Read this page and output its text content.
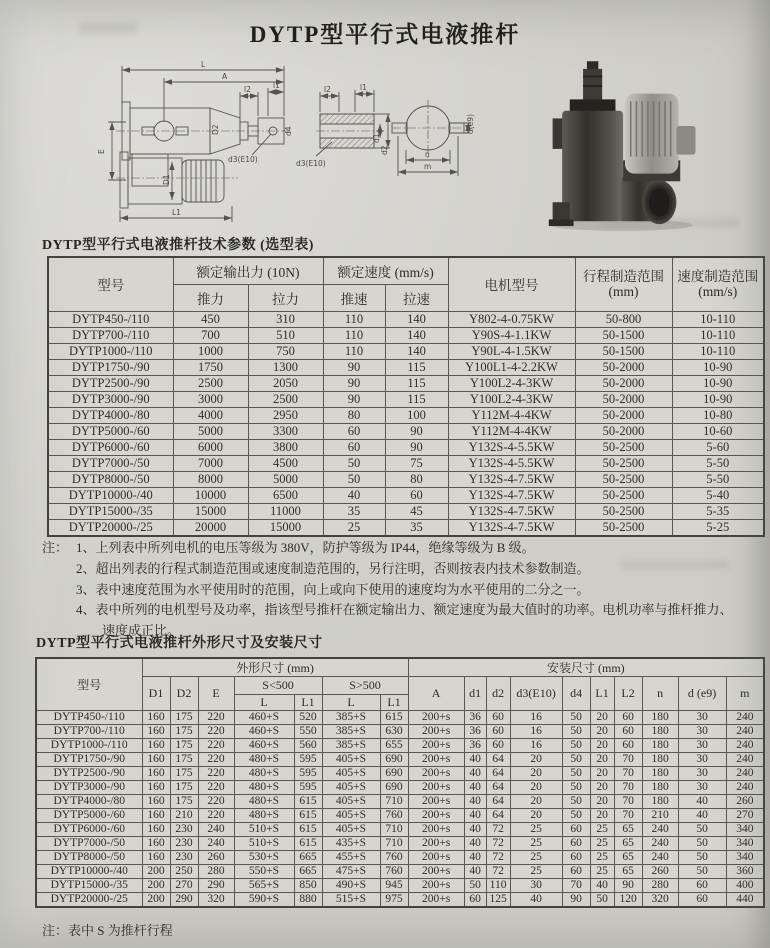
DYTP型平行式电液推杆
L
A
l2	l1
D2	d4
d3(E10)
E
D1
L1
l2	l1
d3(E10)
d1
d2
d(e9)
n
m
DYTP型平行式电液推杆技术参数 (选型表)
型号	额定输出力 (10N)		额定速度 (mm/s)		电机型号	行程制造范围
(mm)	速度制造范围
(mm/s)

	推力	拉力	推速	拉速			
DYTP450-/110	450	310	110	140	Y802-4-0.75KW	50-800	10-110
DYTP700-/110	700	510	110	140	Y90S-4-1.1KW	50-1500	10-110
DYTP1000-/110	1000	750	110	140	Y90L-4-1.5KW	50-1500	10-110
DYTP1750-/90	1750	1300	90	115	Y100L1-4-2.2KW	50-2000	10-90
DYTP2500-/90	2500	2050	90	115	Y100L2-4-3KW	50-2000	10-90
DYTP3000-/90	3000	2500	90	115	Y100L2-4-3KW	50-2000	10-90
DYTP4000-/80	4000	2950	80	100	Y112M-4-4KW	50-2000	10-80
DYTP5000-/60	5000	3300	60	90	Y112M-4-4KW	50-2000	10-60
DYTP6000-/60	6000	3800	60	90	Y132S-4-5.5KW	50-2500	5-60
DYTP7000-/50	7000	4500	50	75	Y132S-4-5.5KW	50-2500	5-50
DYTP8000-/50	8000	5000	50	80	Y132S-4-7.5KW	50-2500	5-50
DYTP10000-/40	10000	6500	40	60	Y132S-4-7.5KW	50-2500	5-40
DYTP15000-/35	15000	11000	35	45	Y132S-4-7.5KW	50-2500	5-35
DYTP20000-/25	20000	15000	25	35	Y132S-4-7.5KW	50-2500	5-25
注： 1、上列表中所列电机的电压等级为 380V，防护等级为 IP44，绝缘等级为 B 级。
2、超出列表的行程式制造范围或速度制造范围的，另行注明，否则按表内技术参数制造。
3、表中速度范围为水平使用时的范围，向上或向下使用的速度均为水平使用的二分之一。
4、表中所列的电机型号及功率，指该型号推杆在额定输出力、额定速度为最大值时的功率。电机功率与推杆推力、速度成正比。
DYTP型平行式电液推杆外形尺寸及安装尺寸
型号	外形尺寸 (mm)							安装尺寸 (mm)									
	D1	D2	E	S<500		S>500		A	d1	d2	d3(E10)	d4	L1	L2	n	d (e9)	m
				L	L1	L	L1										
DYTP450-/110	160	175	220	460+S	520	385+S	615	200+s	36	60	16	50	20	60	180	30	240
DYTP700-/110	160	175	220	460+S	550	385+S	630	200+s	36	60	16	50	20	60	180	30	240
DYTP1000-/110	160	175	220	460+S	560	385+S	655	200+s	36	60	16	50	20	60	180	30	240
DYTP1750-/90	160	175	220	480+S	595	405+S	690	200+s	40	64	20	50	20	70	180	30	240
DYTP2500-/90	160	175	220	480+S	595	405+S	690	200+s	40	64	20	50	20	70	180	30	240
DYTP3000-/90	160	175	220	480+S	595	405+S	690	200+s	40	64	20	50	20	70	180	30	240
DYTP4000-/80	160	175	220	480+S	615	405+S	710	200+s	40	64	20	50	20	70	180	40	260
DYTP5000-/60	160	210	220	480+S	615	405+S	760	200+s	40	64	20	50	20	70	210	40	270
DYTP6000-/60	160	230	240	510+S	615	405+S	710	200+s	40	72	25	60	25	65	240	50	340
DYTP7000-/50	160	230	240	510+S	615	435+S	710	200+s	40	72	25	60	25	65	240	50	340
DYTP8000-/50	160	230	260	530+S	665	455+S	760	200+s	40	72	25	60	25	65	240	50	340
DYTP10000-/40	200	250	280	550+S	665	475+S	760	200+s	40	72	25	60	25	65	260	50	360
DYTP15000-/35	200	270	290	565+S	850	490+S	945	200+s	50	110	30	70	40	90	280	60	400
DYTP20000-/25	200	290	320	590+S	880	515+S	975	200+s	60	125	40	90	50	120	320	60	440
注：表中 S 为推杆行程
